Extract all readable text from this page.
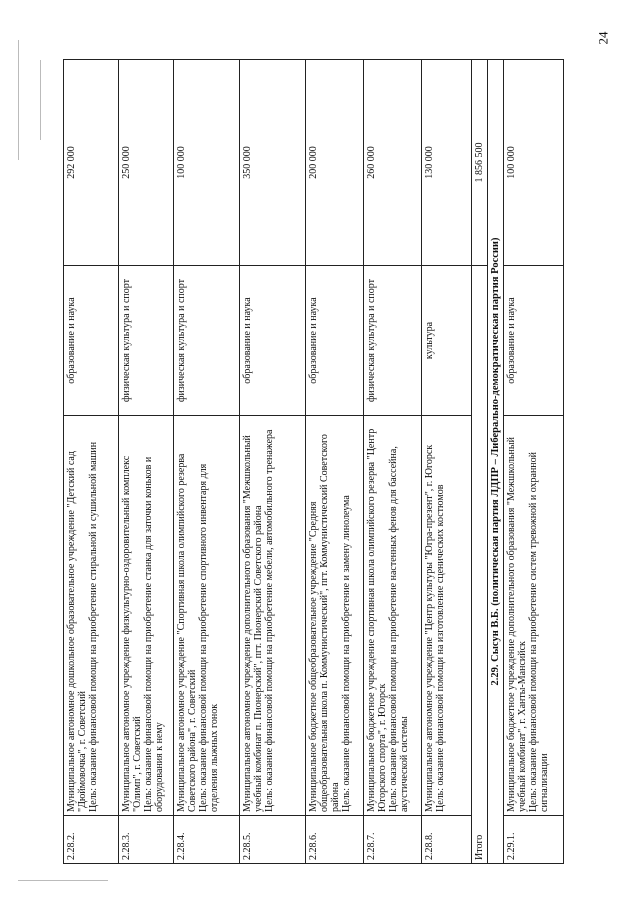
24
2.28.2.	Муниципальное автономное дошкольное образовательное учреждение "Детский сад "Дюймовочка", г. Советский Цель: оказание финансовой помощи на приобретение стиральной и сушильной машин	образование и наука	292 000
2.28.3.	Муниципальное автономное учреждение физкультурно-оздоровительный комплекс "Олимп", г. Советский Цель: оказание финансовой помощи на приобретение станка для заточки коньков и оборудования к нему	физическая культура и спорт	250 000
2.28.4.	Муниципальное автономное учреждение "Спортивная школа олимпийского резерва Советского района", г. Советский Цель: оказание финансовой помощи на приобретение спортивного инвентаря для отделения лыжных гонок	физическая культура и спорт	100 000
2.28.5.	Муниципальное автономное учреждение дополнительного образования "Межшкольный учебный комбинат п. Пионерский", пгт. Пионерский Советского района Цель: оказание финансовой помощи на приобретение мебели, автомобильного тренажера	образование и наука	350 000
2.28.6.	Муниципальное бюджетное общеобразовательное учреждение "Средняя общеобразовательная школа п. Коммунистический", пгт. Коммунистический Советского района Цель: оказание финансовой помощи на приобретение и замену линолеума	образование и наука	200 000
2.28.7.	Муниципальное бюджетное учреждение спортивная школа олимпийского резерва "Центр Югорского спорта", г. Югорск Цель: оказание финансовой помощи на приобретение настенных фенов для бассейна, акустической системы	физическая культура и спорт	260 000
2.28.8.	Муниципальное автономное учреждение "Центр культуры "Югра-презент", г. Югорск Цель: оказание финансовой помощи на изготовление сценических костюмов	культура	130 000
Итого			1 856 500
2.29. Сысун В.Б. (политическая партия ЛДПР – Либерально-демократическая партия России)			
2.29.1.	Муниципальное бюджетное учреждение дополнительного образования "Межшкольный учебный комбинат", г. Ханты-Мансийск Цель: оказание финансовой помощи на приобретение систем тревожной и охранной сигнализации	образование и наука	100 000
